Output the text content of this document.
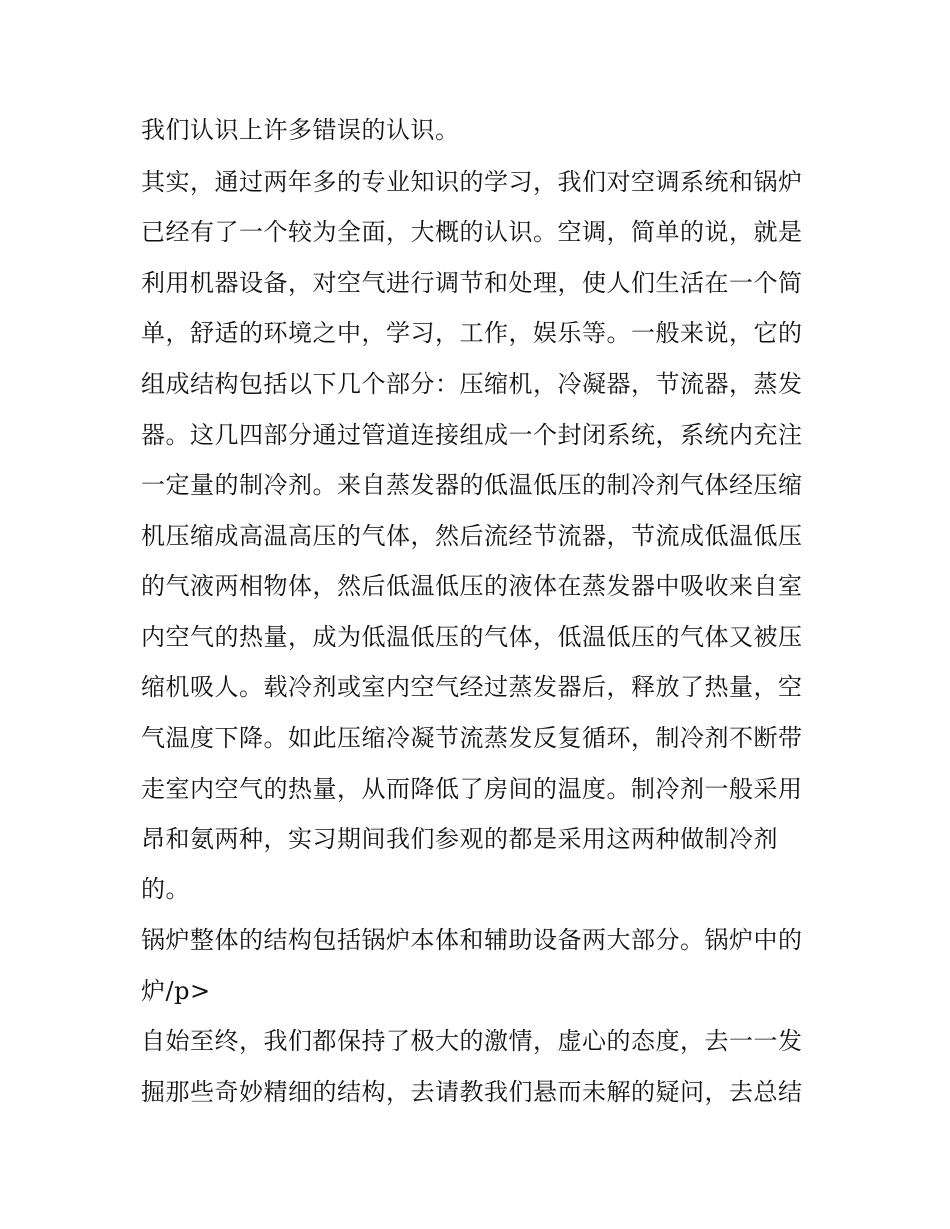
我们认识上许多错误的认识。
其实，通过两年多的专业知识的学习，我们对空调系统和锅炉
已经有了一个较为全面，大概的认识。空调，简单的说，就是
利用机器设备，对空气进行调节和处理，使人们生活在一个简
单，舒适的环境之中，学习，工作，娱乐等。一般来说，它的
组成结构包括以下几个部分：压缩机，冷凝器，节流器，蒸发
器。这几四部分通过管道连接组成一个封闭系统，系统内充注
一定量的制冷剂。来自蒸发器的低温低压的制冷剂气体经压缩
机压缩成高温高压的气体，然后流经节流器，节流成低温低压
的气液两相物体，然后低温低压的液体在蒸发器中吸收来自室
内空气的热量，成为低温低压的气体，低温低压的气体又被压
缩机吸人。载冷剂或室内空气经过蒸发器后，释放了热量，空
气温度下降。如此压缩冷凝节流蒸发反复循环，制冷剂不断带
走室内空气的热量，从而降低了房间的温度。制冷剂一般采用
昂和氨两种，实习期间我们参观的都是采用这两种做制冷剂
的。
锅炉整体的结构包括锅炉本体和辅助设备两大部分。锅炉中的
炉/p>
自始至终，我们都保持了极大的激情，虚心的态度，去一一发
掘那些奇妙精细的结构，去请教我们悬而未解的疑问，去总结
